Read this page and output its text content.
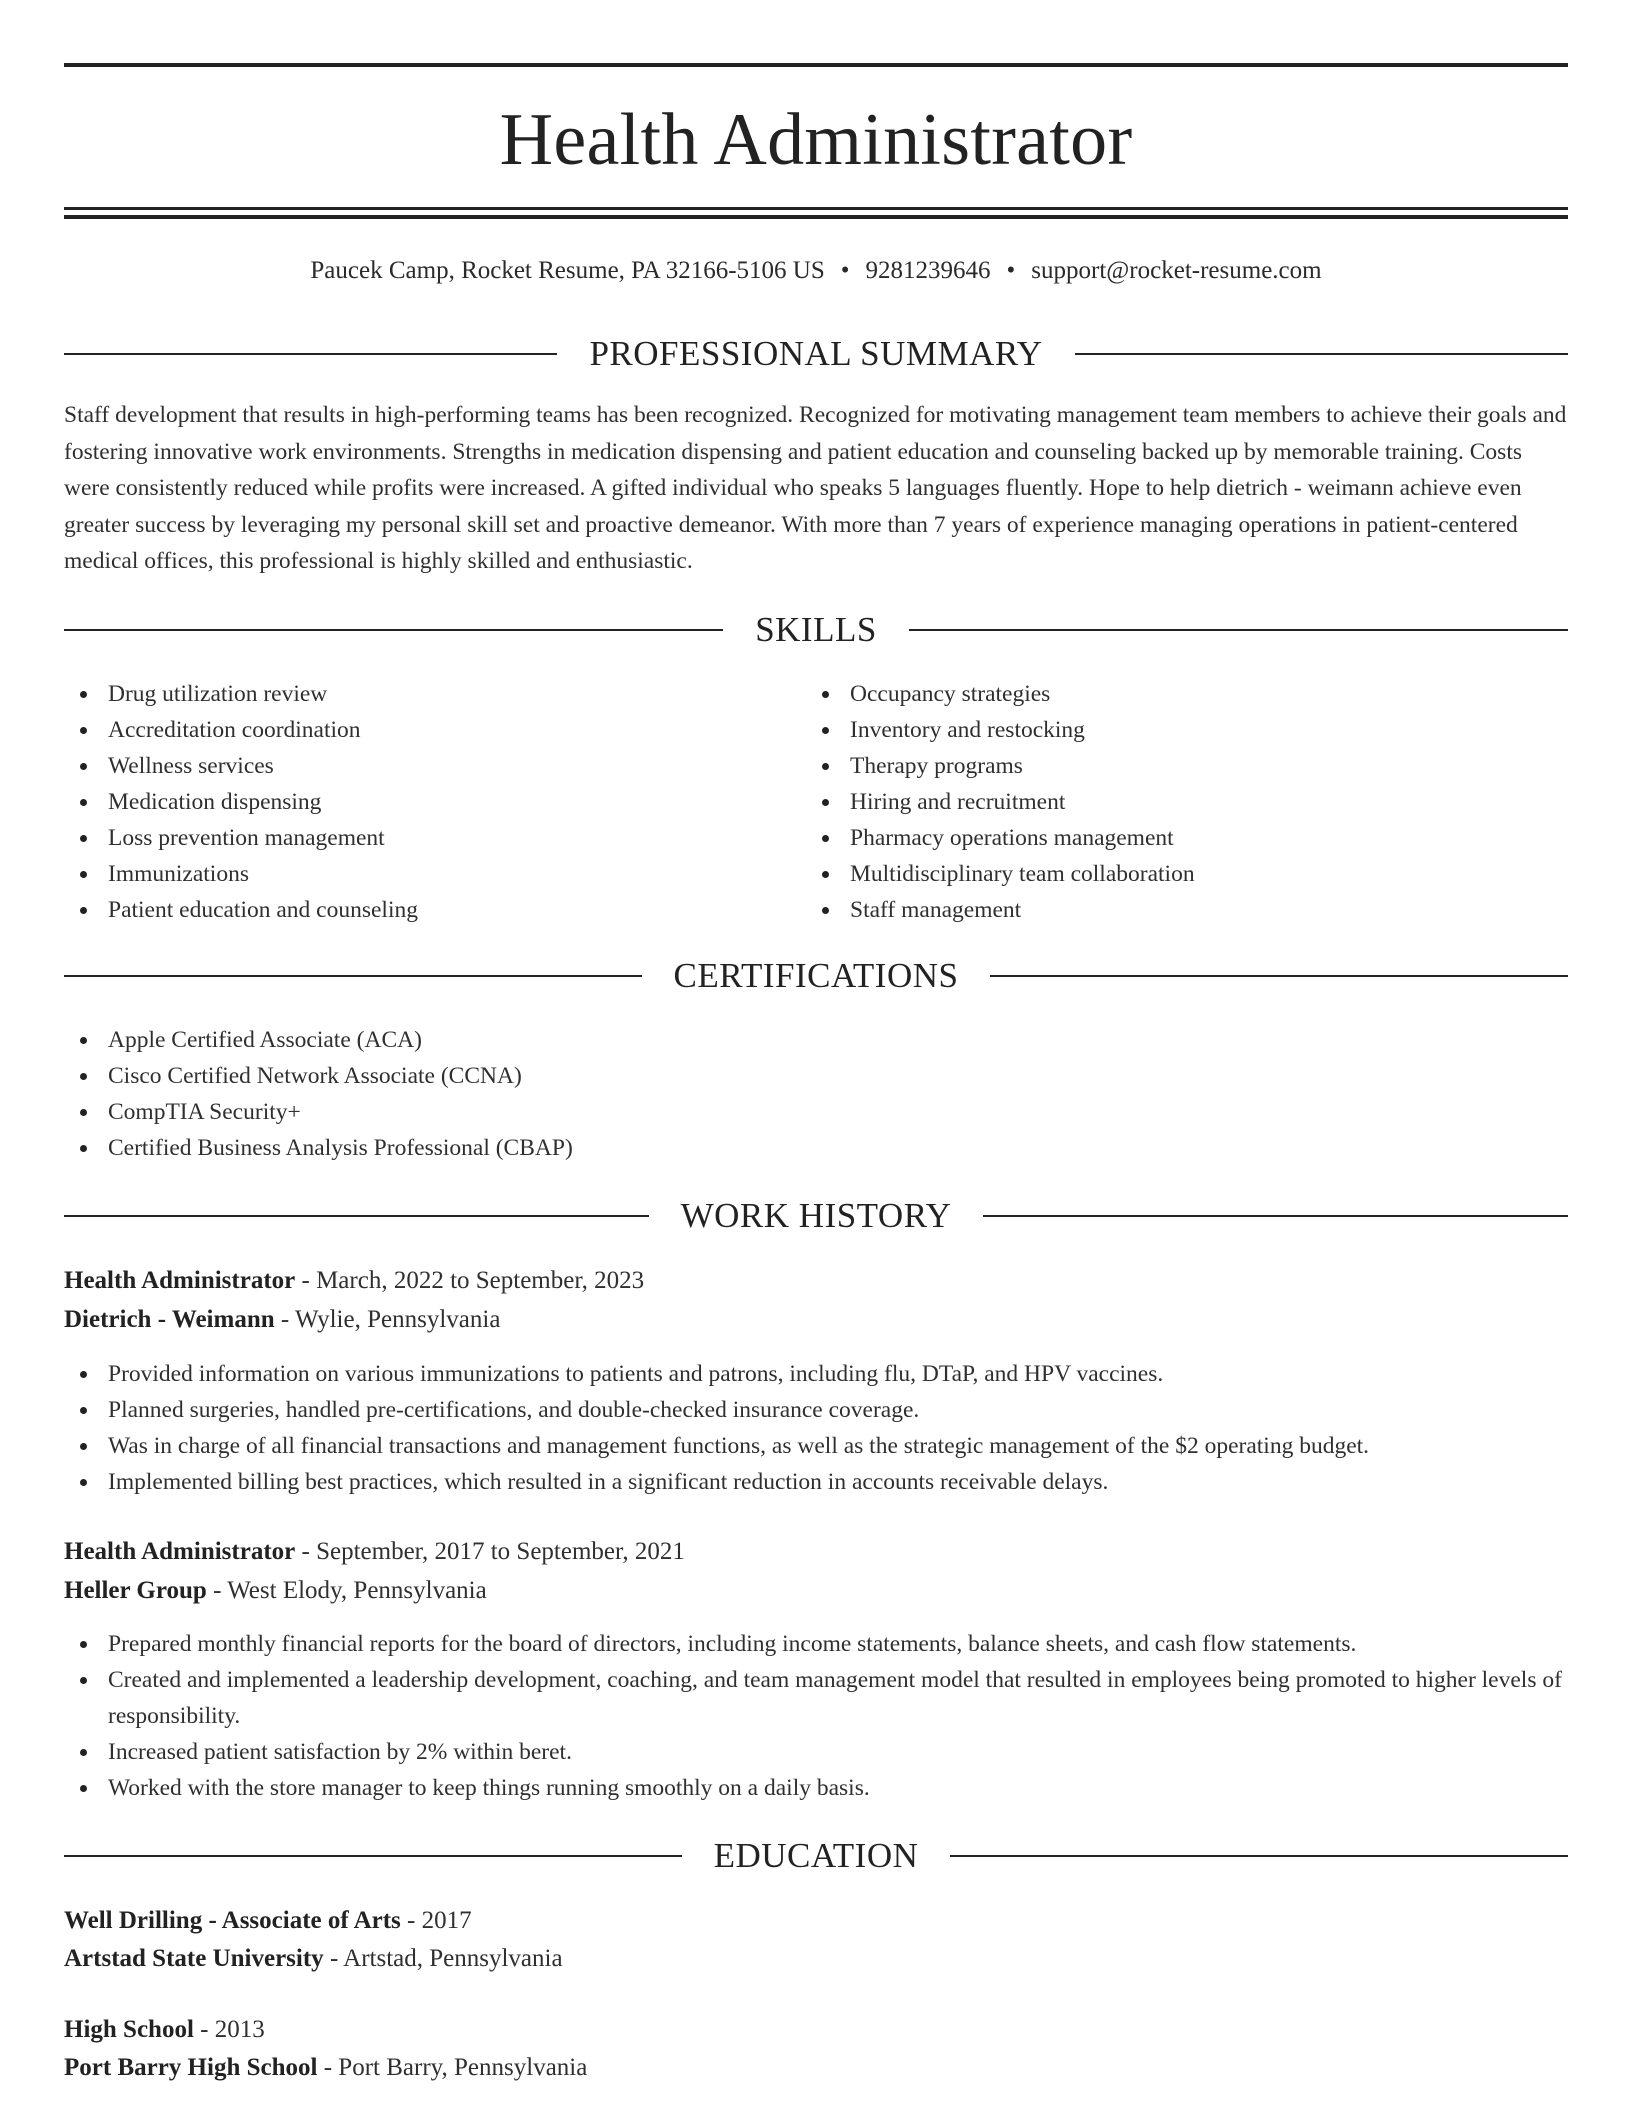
Health Administrator
Paucek Camp, Rocket Resume, PA 32166-5106 US • 9281239646 • support@rocket-resume.com
PROFESSIONAL SUMMARY
Staff development that results in high-performing teams has been recognized. Recognized for motivating management team members to achieve their goals and fostering innovative work environments. Strengths in medication dispensing and patient education and counseling backed up by memorable training. Costs were consistently reduced while profits were increased. A gifted individual who speaks 5 languages fluently. Hope to help dietrich - weimann achieve even greater success by leveraging my personal skill set and proactive demeanor. With more than 7 years of experience managing operations in patient-centered medical offices, this professional is highly skilled and enthusiastic.
SKILLS
Drug utilization review
Accreditation coordination
Wellness services
Medication dispensing
Loss prevention management
Immunizations
Patient education and counseling
Occupancy strategies
Inventory and restocking
Therapy programs
Hiring and recruitment
Pharmacy operations management
Multidisciplinary team collaboration
Staff management
CERTIFICATIONS
Apple Certified Associate (ACA)
Cisco Certified Network Associate (CCNA)
CompTIA Security+
Certified Business Analysis Professional (CBAP)
WORK HISTORY
Health Administrator - March, 2022 to September, 2023
Dietrich - Weimann - Wylie, Pennsylvania
Provided information on various immunizations to patients and patrons, including flu, DTaP, and HPV vaccines.
Planned surgeries, handled pre-certifications, and double-checked insurance coverage.
Was in charge of all financial transactions and management functions, as well as the strategic management of the $2 operating budget.
Implemented billing best practices, which resulted in a significant reduction in accounts receivable delays.
Health Administrator - September, 2017 to September, 2021
Heller Group - West Elody, Pennsylvania
Prepared monthly financial reports for the board of directors, including income statements, balance sheets, and cash flow statements.
Created and implemented a leadership development, coaching, and team management model that resulted in employees being promoted to higher levels of responsibility.
Increased patient satisfaction by 2% within beret.
Worked with the store manager to keep things running smoothly on a daily basis.
EDUCATION
Well Drilling - Associate of Arts - 2017
Artstad State University - Artstad, Pennsylvania
High School - 2013
Port Barry High School - Port Barry, Pennsylvania
